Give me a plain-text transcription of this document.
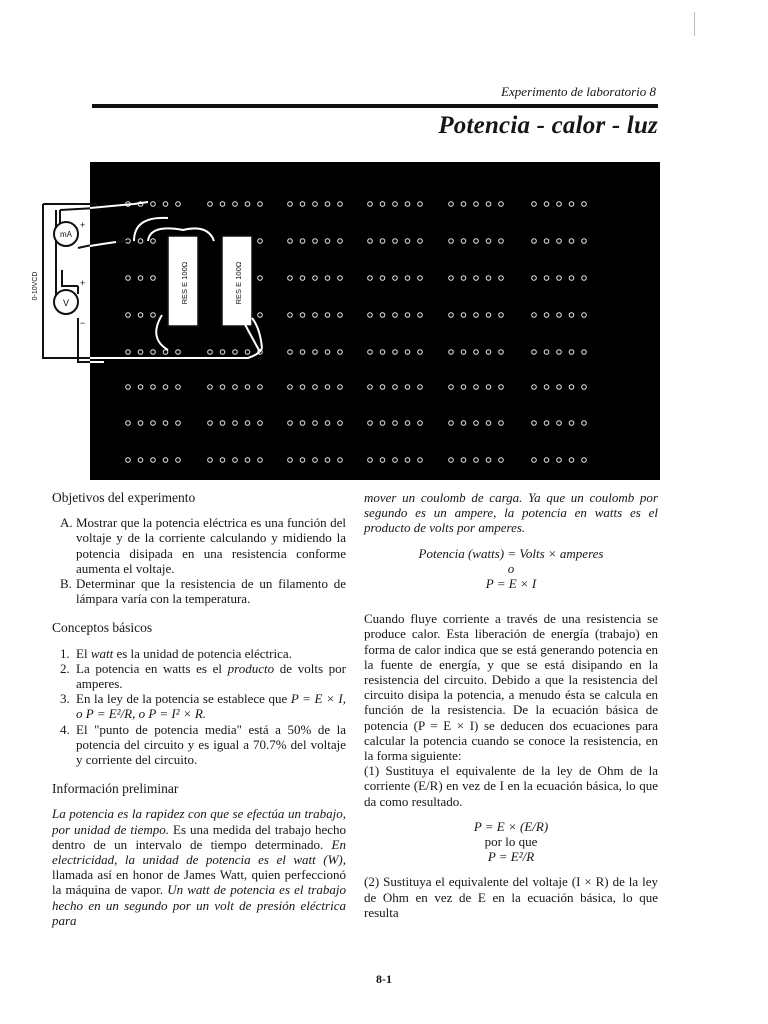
Experimento de laboratorio 8
Potencia - calor - luz
RES E 100Ω	RES E 100Ω
mA
+
−
V
+
−
0-10VCD
Objetivos del experimento
A. Mostrar que la potencia eléctrica es una función del voltaje y de la corriente calculando y midiendo la potencia disipada en una resistencia conforme aumenta el voltaje.
B. Determinar que la resistencia de un filamento de lámpara varía con la temperatura.
Conceptos básicos
1. El watt es la unidad de potencia eléctrica.
2. La potencia en watts es el producto de volts por amperes.
3. En la ley de la potencia se establece que P = E × I, o P = E²/R, o P = I² × R.
4. El "punto de potencia media" está a 50% de la potencia del circuito y es igual a 70.7% del voltaje y corriente del circuito.
Información preliminar

La potencia es la rapidez con que se efectúa un trabajo, por unidad de tiempo. Es una medida del trabajo hecho dentro de un intervalo de tiempo determinado. En electricidad, la unidad de potencia es el watt (W), llamada así en honor de James Watt, quien perfeccionó la máquina de vapor. Un watt de potencia es el trabajo hecho en un segundo por un volt de presión eléctrica para

mover un coulomb de carga. Ya que un coulomb por segundo es un ampere, la potencia en watts es el producto de volts por amperes.

Potencia (watts) = Volts × amperes

o

P = E × I

Cuando fluye corriente a través de una resistencia se produce calor. Esta liberación de energía (trabajo) en forma de calor indica que se está generando potencia en la fuente de energía, y que se está disipando en la resistencia del circuito. Debido a que la resistencia del circuito disipa la potencia, a menudo ésta se calcula en función de la resistencia. De la ecuación básica de potencia (P = E × I) se deducen dos ecuaciones para calcular la potencia cuando se conoce la resistencia, en la forma siguiente:

(1) Sustituya el equivalente de la ley de Ohm de la corriente (E/R) en vez de I en la ecuación básica, lo que da como resultado.

P = E × (E/R)

por lo que

P = E²/R

(2) Sustituya el equivalente del voltaje (I × R) de la ley de Ohm en vez de E en la ecuación básica, lo que resulta

8-1
